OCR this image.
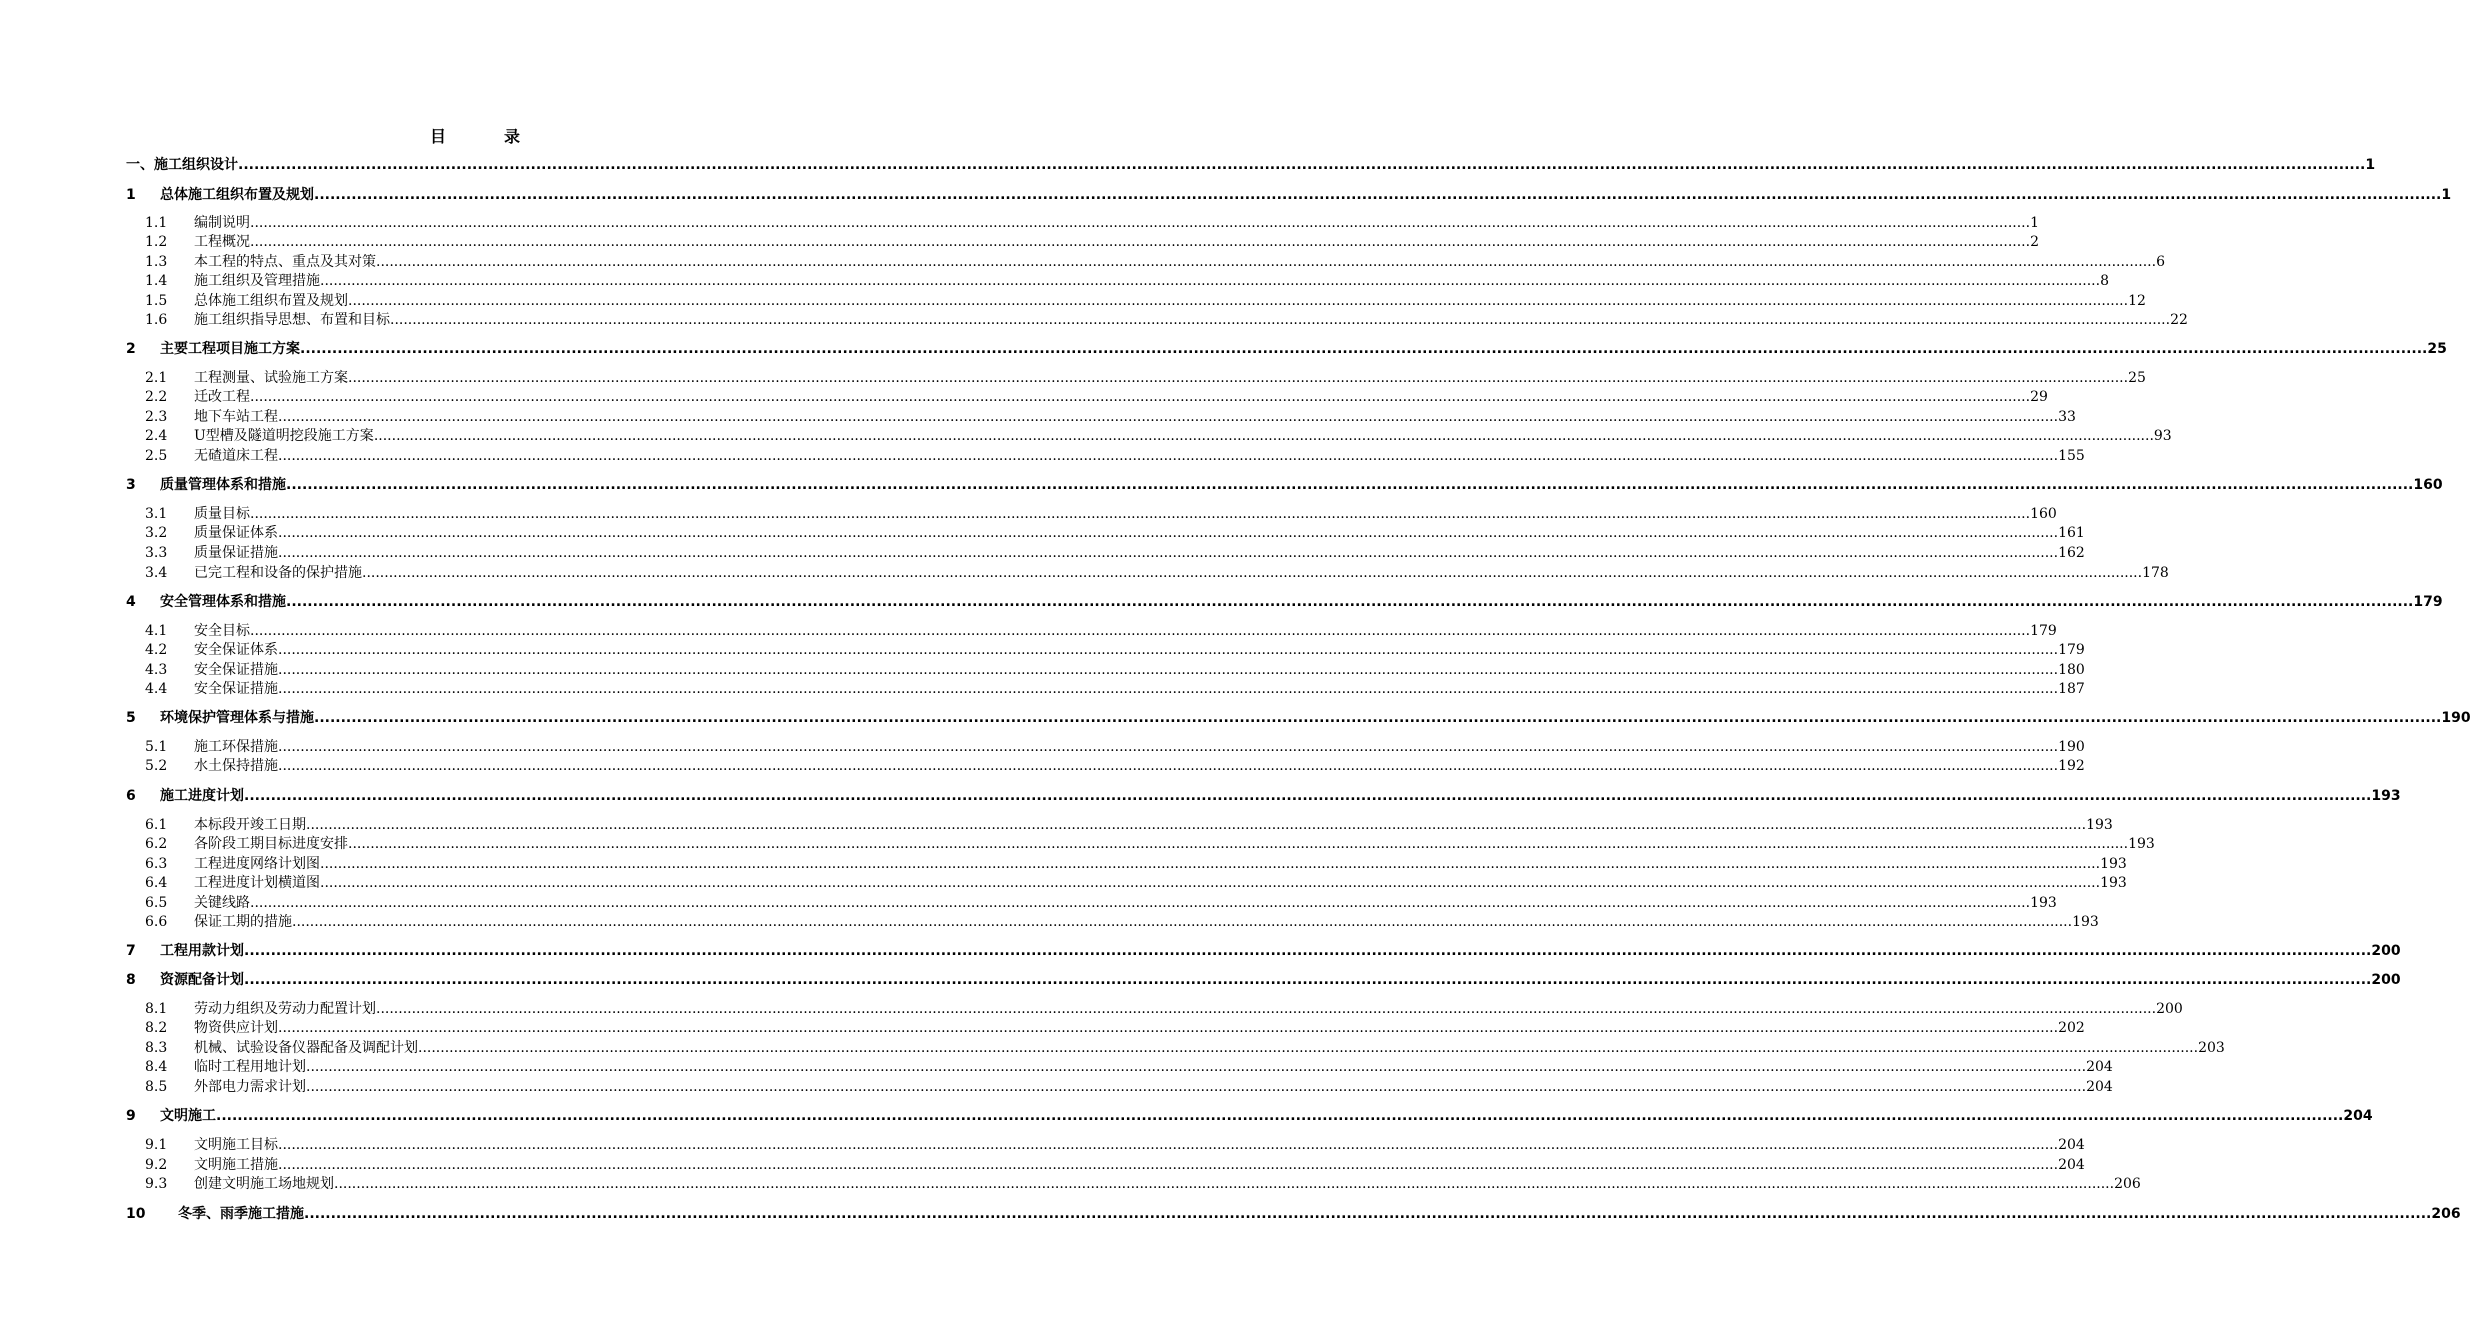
目	录
一、施工组织设计 ................................................................................................................................................................................................................................................................................................................................................................................................................ 1
1 总体施工组织布置及规划 ................................................................................................................................................................................................................................................................................................................................................................................................................ 1
1.1 编制说明 ................................................................................................................................................................................................................................................................................................................................................................................................................ 1
1.2 工程概况 ................................................................................................................................................................................................................................................................................................................................................................................................................ 2
1.3 本工程的特点、重点及其对策 ................................................................................................................................................................................................................................................................................................................................................................................................................ 6
1.4 施工组织及管理措施 ................................................................................................................................................................................................................................................................................................................................................................................................................ 8
1.5 总体施工组织布置及规划 ................................................................................................................................................................................................................................................................................................................................................................................................................ 12
1.6 施工组织指导思想、布置和目标 ................................................................................................................................................................................................................................................................................................................................................................................................................ 22
2 主要工程项目施工方案 ................................................................................................................................................................................................................................................................................................................................................................................................................ 25
2.1 工程测量、试验施工方案 ................................................................................................................................................................................................................................................................................................................................................................................................................ 25
2.2 迁改工程 ................................................................................................................................................................................................................................................................................................................................................................................................................ 29
2.3 地下车站工程 ................................................................................................................................................................................................................................................................................................................................................................................................................ 33
2.4 U型槽及隧道明挖段施工方案 ................................................................................................................................................................................................................................................................................................................................................................................................................ 93
2.5 无碴道床工程 ................................................................................................................................................................................................................................................................................................................................................................................................................ 155
3 质量管理体系和措施 ................................................................................................................................................................................................................................................................................................................................................................................................................ 160
3.1 质量目标 ................................................................................................................................................................................................................................................................................................................................................................................................................ 160
3.2 质量保证体系 ................................................................................................................................................................................................................................................................................................................................................................................................................ 161
3.3 质量保证措施 ................................................................................................................................................................................................................................................................................................................................................................................................................ 162
3.4 已完工程和设备的保护措施 ................................................................................................................................................................................................................................................................................................................................................................................................................ 178
4 安全管理体系和措施 ................................................................................................................................................................................................................................................................................................................................................................................................................ 179
4.1 安全目标 ................................................................................................................................................................................................................................................................................................................................................................................................................ 179
4.2 安全保证体系 ................................................................................................................................................................................................................................................................................................................................................................................................................ 179
4.3 安全保证措施 ................................................................................................................................................................................................................................................................................................................................................................................................................ 180
4.4 安全保证措施 ................................................................................................................................................................................................................................................................................................................................................................................................................ 187
5 环境保护管理体系与措施 ................................................................................................................................................................................................................................................................................................................................................................................................................ 190
5.1 施工环保措施 ................................................................................................................................................................................................................................................................................................................................................................................................................ 190
5.2 水土保持措施 ................................................................................................................................................................................................................................................................................................................................................................................................................ 192
6 施工进度计划 ................................................................................................................................................................................................................................................................................................................................................................................................................ 193
6.1 本标段开竣工日期 ................................................................................................................................................................................................................................................................................................................................................................................................................ 193
6.2 各阶段工期目标进度安排 ................................................................................................................................................................................................................................................................................................................................................................................................................ 193
6.3 工程进度网络计划图 ................................................................................................................................................................................................................................................................................................................................................................................................................ 193
6.4 工程进度计划横道图 ................................................................................................................................................................................................................................................................................................................................................................................................................ 193
6.5 关键线路 ................................................................................................................................................................................................................................................................................................................................................................................................................ 193
6.6 保证工期的措施 ................................................................................................................................................................................................................................................................................................................................................................................................................ 193
7 工程用款计划 ................................................................................................................................................................................................................................................................................................................................................................................................................ 200
8 资源配备计划 ................................................................................................................................................................................................................................................................................................................................................................................................................ 200
8.1 劳动力组织及劳动力配置计划 ................................................................................................................................................................................................................................................................................................................................................................................................................ 200
8.2 物资供应计划 ................................................................................................................................................................................................................................................................................................................................................................................................................ 202
8.3 机械、试验设备仪器配备及调配计划 ................................................................................................................................................................................................................................................................................................................................................................................................................ 203
8.4 临时工程用地计划 ................................................................................................................................................................................................................................................................................................................................................................................................................ 204
8.5 外部电力需求计划 ................................................................................................................................................................................................................................................................................................................................................................................................................ 204
9 文明施工 ................................................................................................................................................................................................................................................................................................................................................................................................................ 204
9.1 文明施工目标 ................................................................................................................................................................................................................................................................................................................................................................................................................ 204
9.2 文明施工措施 ................................................................................................................................................................................................................................................................................................................................................................................................................ 204
9.3 创建文明施工场地规划 ................................................................................................................................................................................................................................................................................................................................................................................................................ 206
10 冬季、雨季施工措施 ................................................................................................................................................................................................................................................................................................................................................................................................................ 206
